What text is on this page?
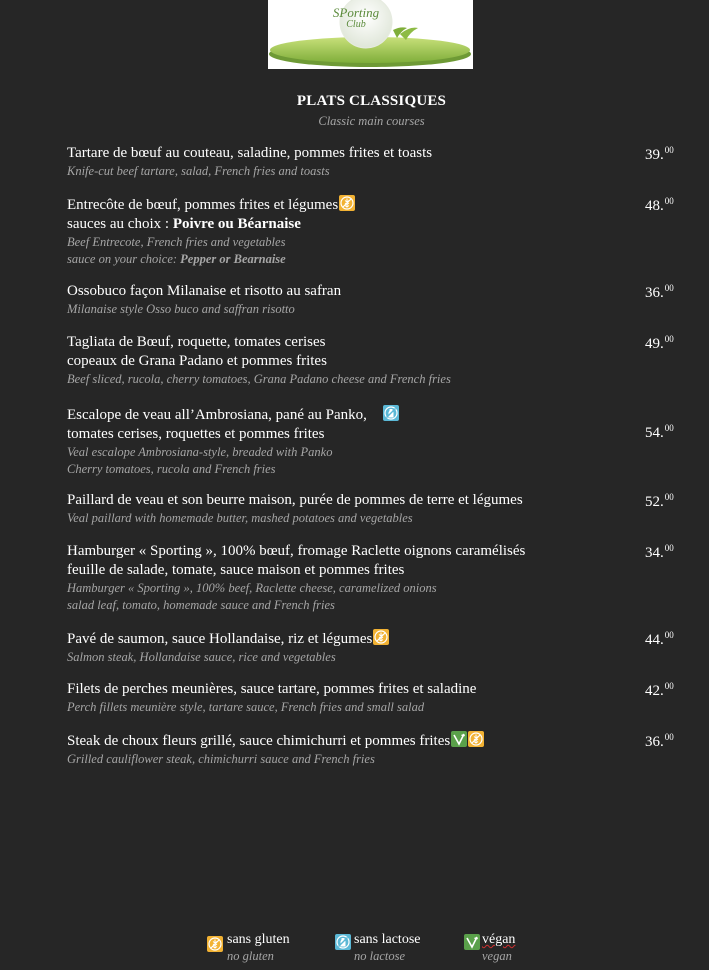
SPorting
Club
PLATS CLASSIQUES
Classic main courses
Tartare de bœuf au couteau, saladine, pommes frites et toasts
Knife-cut beef tartare, salad, French fries and toasts
39.00
Entrecôte de bœuf, pommes frites et légumes
sauces au choix : Poivre ou Béarnaise
Beef Entrecote, French fries and vegetables
sauce on your choice: Pepper or Bearnaise
48.00
Ossobuco façon Milanaise et risotto au safran
Milanaise style Osso buco and saffran risotto
36.00
Tagliata de Bœuf, roquette, tomates cerises
copeaux de Grana Padano et pommes frites
Beef sliced, rucola, cherry tomatoes, Grana Padano cheese and French fries
49.00
Escalope de veau all’Ambrosiana, pané au Panko,
tomates cerises, roquettes et pommes frites
Veal escalope Ambrosiana-style, breaded with Panko
Cherry tomatoes, rucola and French fries
54.00
Paillard de veau et son beurre maison, purée de pommes de terre et légumes
Veal paillard with homemade butter, mashed potatoes and vegetables
52.00
Hamburger « Sporting », 100% bœuf, fromage Raclette oignons caramélisés
feuille de salade, tomate, sauce maison et pommes frites
Hamburger « Sporting », 100% beef, Raclette cheese, caramelized onions
salad leaf, tomato, homemade sauce and French fries
34.00
Pavé de saumon, sauce Hollandaise, riz et légumes
Salmon steak, Hollandaise sauce, rice and vegetables
44.00
Filets de perches meunières, sauce tartare, pommes frites et saladine
Perch fillets meunière style, tartare sauce, French fries and small salad
42.00
Steak de choux fleurs grillé, sauce chimichurri et pommes frites
Grilled cauliflower steak, chimichurri sauce and French fries
36.00
sans gluten
no gluten
sans lactose
no lactose
végan
vegan
